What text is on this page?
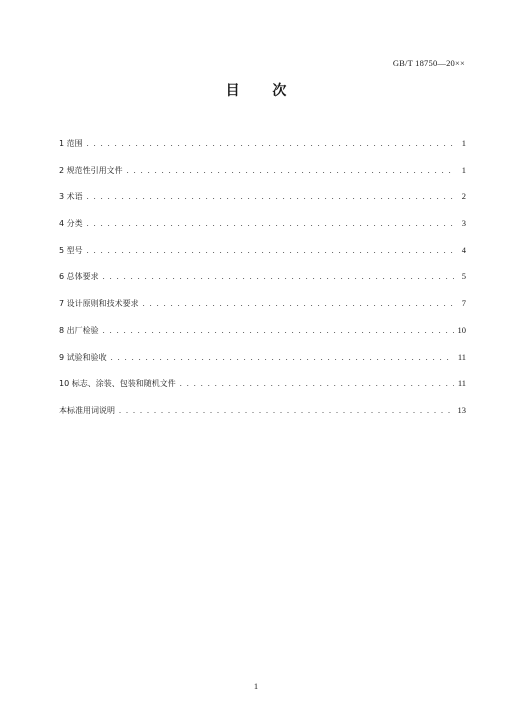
GB/T 18750—20××
目 次
1 范围 . . .	1
2 规范性引用文件 . . .	1
3 术语 . . .	2
4 分类 . . .	3
5 型号 . . .	4
6 总体要求 . . .	5
7 设计原则和技术要求 . . .	7
8 出厂检验 . . .	10
9 试验和验收 . . .	11
10 标志、涂装、包装和随机文件 . . .	11
本标准用词说明 . . .	13
1
